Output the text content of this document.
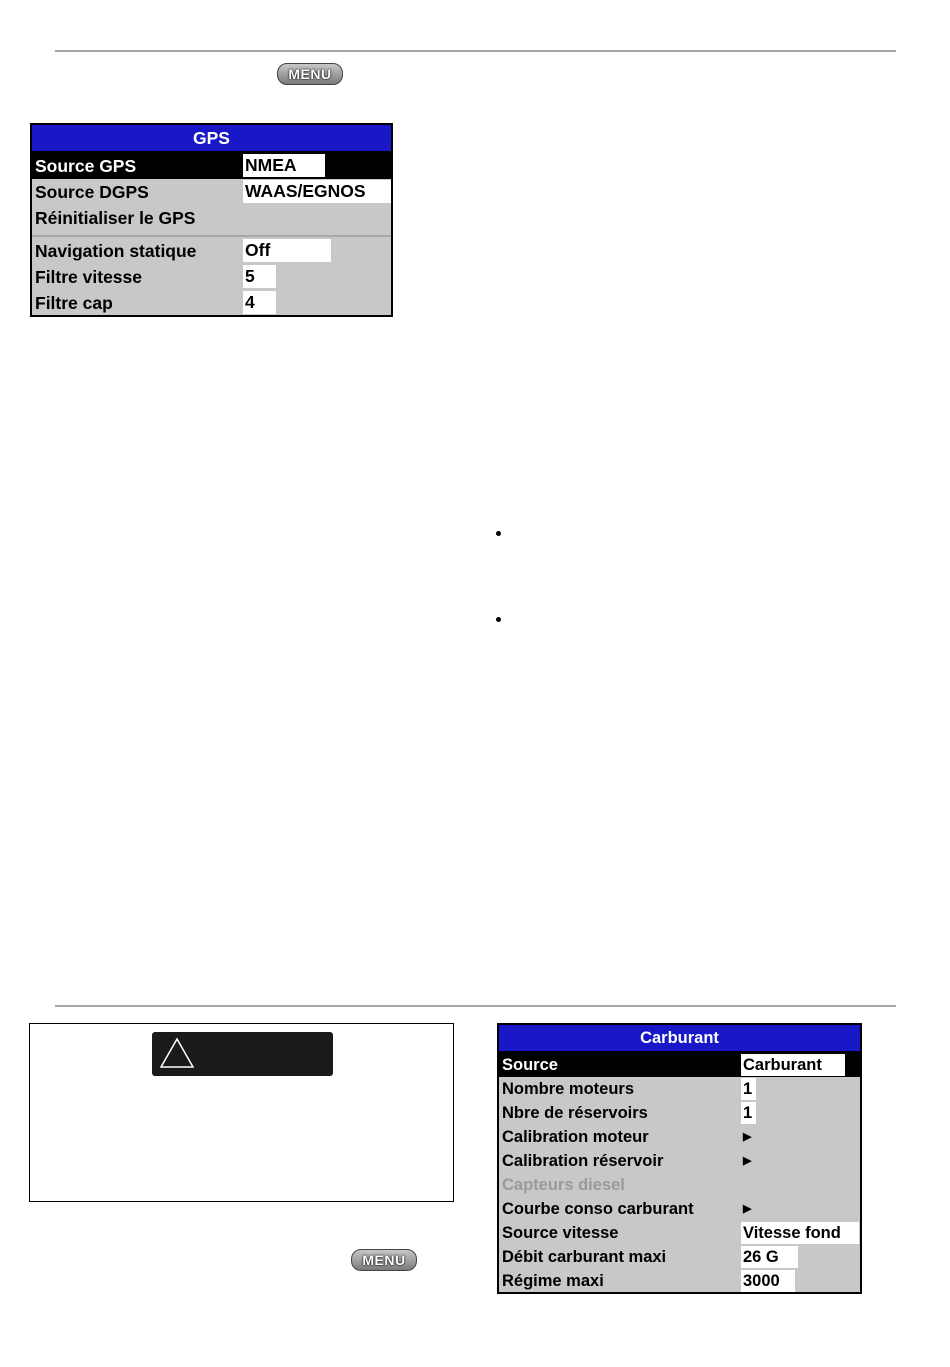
MENU
GPS
Source GPS	NMEA
Source DGPS	WAAS/EGNOS
Réinitialiser le GPS
Navigation statique	Off
Filtre vitesse	5
Filtre cap	4
MENU
Carburant
Source	Carburant
Nombre moteurs	1
Nbre de réservoirs	1
Calibration moteur	▶
Calibration réservoir	▶
Capteurs diesel
Courbe conso carburant	▶
Source vitesse	Vitesse fond
Débit carburant maxi	26 G
Régime maxi	3000
